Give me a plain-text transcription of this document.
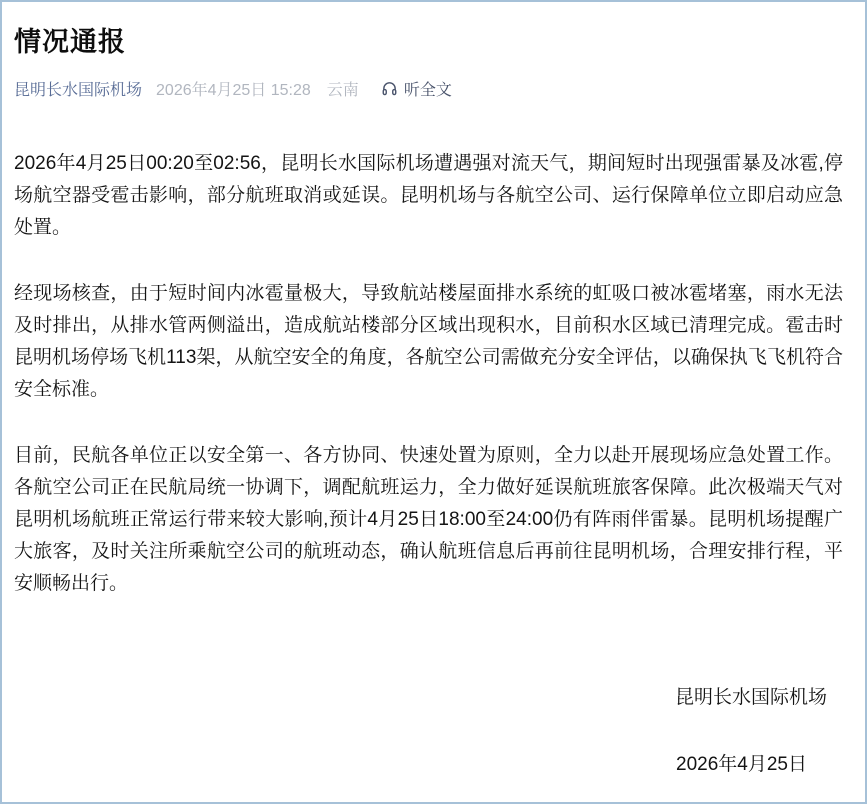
情况通报
昆明长水国际机场 2026年4月25日 15:28 云南	听全文

2026年4月25日00:20至02:56，昆明长水国际机场遭遇强对流天气，期间短时出现强雷暴及冰雹,停场航空器受雹击影响，部分航班取消或延误。昆明机场与各航空公司、运行保障单位立即启动应急处置。

经现场核查，由于短时间内冰雹量极大，导致航站楼屋面排水系统的虹吸口被冰雹堵塞，雨水无法及时排出，从排水管两侧溢出，造成航站楼部分区域出现积水，目前积水区域已清理完成。雹击时昆明机场停场飞机113架，从航空安全的角度，各航空公司需做充分安全评估，以确保执飞飞机符合安全标准。

目前，民航各单位正以安全第一、各方协同、快速处置为原则，全力以赴开展现场应急处置工作。各航空公司正在民航局统一协调下，调配航班运力，全力做好延误航班旅客保障。此次极端天气对昆明机场航班正常运行带来较大影响,预计4月25日18:00至24:00仍有阵雨伴雷暴。昆明机场提醒广大旅客，及时关注所乘航空公司的航班动态，确认航班信息后再前往昆明机场，合理安排行程，平安顺畅出行。

昆明长水国际机场
2026年4月25日
